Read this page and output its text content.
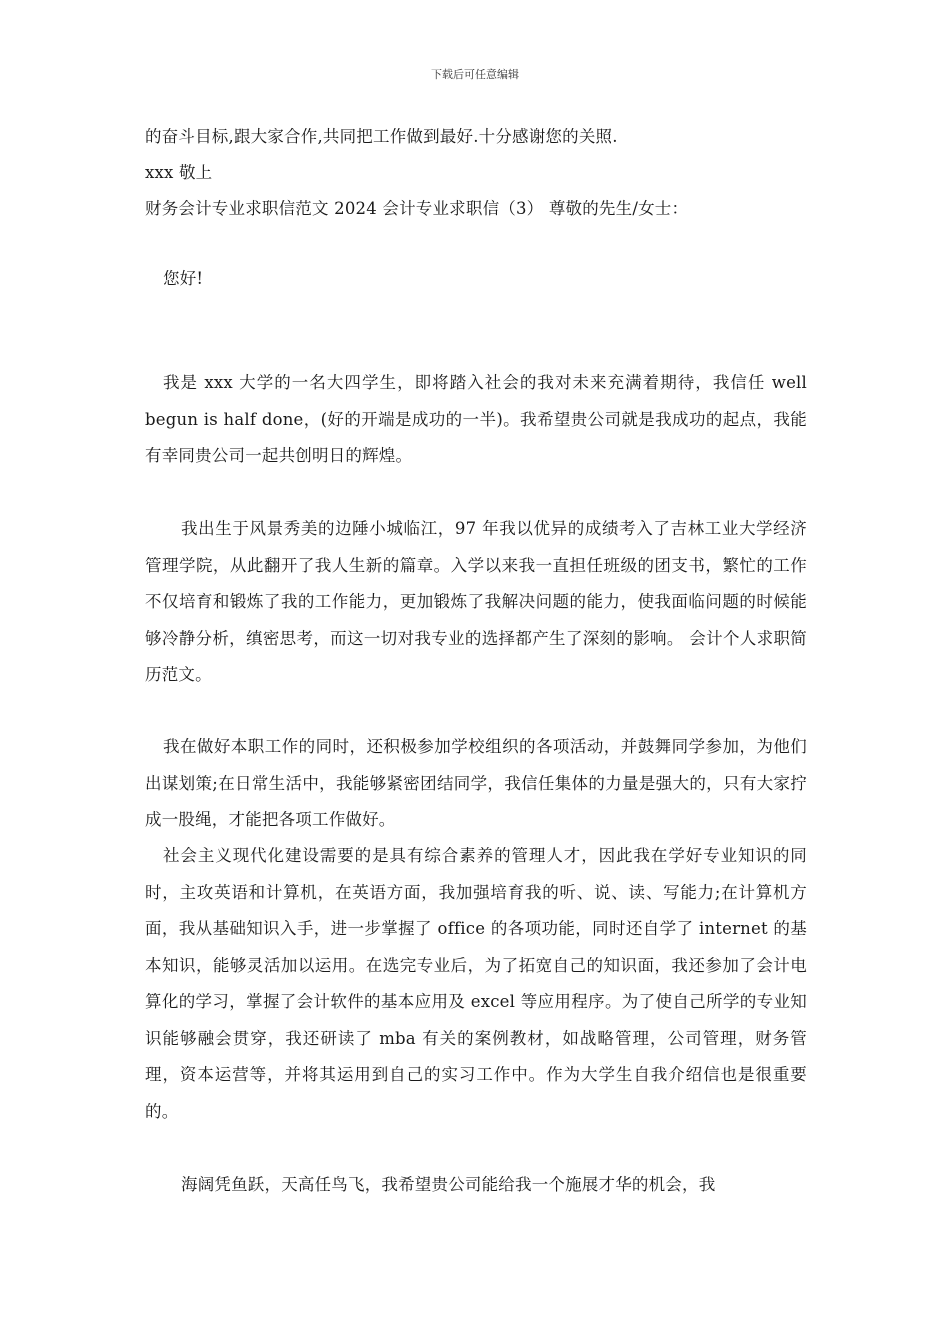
下载后可任意编辑

的奋斗目标,跟大家合作,共同把工作做到最好.十分感谢您的关照.

xxx 敬上

财务会计专业求职信范文 2024 会计专业求职信（3） 尊敬的先生/女士：

您好!

我是 xxx 大学的一名大四学生，即将踏入社会的我对未来充满着期待，我信任 well begun is half done，(好的开端是成功的一半)。我希望贵公司就是我成功的起点，我能有幸同贵公司一起共创明日的辉煌。

我出生于风景秀美的边陲小城临江，97 年我以优异的成绩考入了吉林工业大学经济管理学院，从此翻开了我人生新的篇章。入学以来我一直担任班级的团支书，繁忙的工作不仅培育和锻炼了我的工作能力，更加锻炼了我解决问题的能力，使我面临问题的时候能够冷静分析，缜密思考，而这一切对我专业的选择都产生了深刻的影响。 会计个人求职简历范文。

我在做好本职工作的同时，还积极参加学校组织的各项活动，并鼓舞同学参加，为他们出谋划策;在日常生活中，我能够紧密团结同学，我信任集体的力量是强大的，只有大家拧成一股绳，才能把各项工作做好。

社会主义现代化建设需要的是具有综合素养的管理人才，因此我在学好专业知识的同时，主攻英语和计算机，在英语方面，我加强培育我的听、说、读、写能力;在计算机方面，我从基础知识入手，进一步掌握了 office 的各项功能，同时还自学了 internet 的基本知识，能够灵活加以运用。在选完专业后，为了拓宽自己的知识面，我还参加了会计电算化的学习，掌握了会计软件的基本应用及 excel 等应用程序。为了使自己所学的专业知识能够融会贯穿，我还研读了 mba 有关的案例教材，如战略管理，公司管理，财务管理，资本运营等，并将其运用到自己的实习工作中。作为大学生自我介绍信也是很重要的。

海阔凭鱼跃，天高任鸟飞，我希望贵公司能给我一个施展才华的机会，我
